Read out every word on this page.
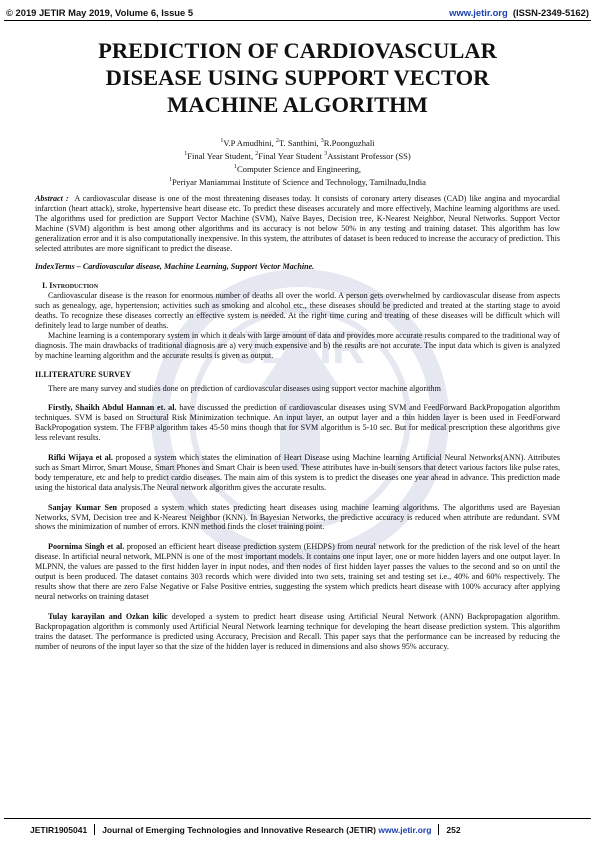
© 2019 JETIR May 2019, Volume 6, Issue 5	www.jetir.org (ISSN-2349-5162)
JETIR
PREDICTION OF CARDIOVASCULAR
DISEASE USING SUPPORT VECTOR
MACHINE ALGORITHM
$^1$V.P Amudhini, $^2$T. Santhini, $^3$R.Poonguzhali
$^1$Final Year Student, $^2$Final Year Student $^3$Assistant Professor (SS)
$^1$Computer Science and Engineering,
$^1$Periyar Maniammai Institute of Science and Technology, Tamilnadu,India

Abstract : A cardiovascular disease is one of the most threatening diseases today. It consists of coronary artery diseases (CAD) like angina and myocardial infarction (heart attack), stroke, hypertensive heart disease etc. To predict these diseases accurately and more effectively, Machine learning algorithms are used. The algorithms used for prediction are Support Vector Machine (SVM), Naïve Bayes, Decision tree, K-Nearest Neighbor, Neural Networks. Support Vector Machine (SVM) algorithm is best among other algorithms and its accuracy is not below 50% in any testing and training dataset. This algorithm has low generalization error and it is also computationally inexpensive. In this system, the attributes of dataset is been reduced to increase the accuracy of prediction. This selected attributes are more significant to predict the disease.

IndexTerms – Cardiovascular disease, Machine Learning, Support Vector Machine.

I. Introduction

Cardiovascular disease is the reason for enormous number of deaths all over the world. A person gets overwhelmed by cardiovascular disease from aspects such as genealogy, age, hypertension; activities such as smoking and alcohol etc., these diseases should be predicted and treated at the starting stage to avoid deaths. To recognize these diseases correctly an effective system is needed. At the right time curing and treating of these diseases will be difficult which will definitely lead to large number of deaths.

Machine learning is a contemporary system in which it deals with large amount of data and provides more accurate results compared to the traditional way of diagnosis. The main drawbacks of traditional diagnosis are a) very much expensive and b) the results are not accurate. The input data which is given is analyzed by machine learning algorithm and the accurate results is given as output.

II.LITERATURE SURVEY

There are many survey and studies done on prediction of cardiovascular diseases using support vector machine algorithm

Firstly, Shaikh Abdul Hannan et. al. have discussed the prediction of cardiovascular diseases using SVM and FeedForward BackPropogation algorithm techniques. SVM is based on Structural Risk Minimization technique. An input layer, an output layer and a thin hidden layer is been used in FeedForward BackPropogation system. The FFBP algorithm takes 45-50 mins though that for SVM algorithm is 5-10 sec. But for medical prescription these algorithms give less relevant results.

Rifki Wijaya et al. proposed a system which states the elimination of Heart Disease using Machine learning Artificial Neural Networks(ANN). Attributes such as Smart Mirror, Smart Mouse, Smart Phones and Smart Chair is been used. These attributes have in-built sensors that detect various factors like pulse rates, body temperature, etc and help to predict cardio diseases. The main aim of this system is to predict the diseases one year ahead in advance. This prediction made using the historical data analysis.The Neural network algorithm gives the accurate results.

Sanjay Kumar Sen proposed a system which states predicting heart diseases using machine learning algorithms. The algorithms used are Bayesian Networks, SVM, Decision tree and K-Nearest Neighbor (KNN). In Bayesian Networks, the predictive accuracy is reduced when attribute are redundant. SVM shows the minimization of number of errors. KNN method finds the closet training point.

Poornima Singh et al. proposed an efficient heart disease prediction system (EHDPS) from neural network for the prediction of the risk level of the heart disease. In artificial neural network, MLPNN is one of the most important models. It contains one input layer, one or more hidden layers and one output layer. In MLPNN, the values are passed to the first hidden layer in input nodes, and then nodes of first hidden layer passes the values to the second and so on until the output is been produced. The dataset contains 303 records which were divided into two sets, training set and testing set i.e., 40% and 60% respectively. The results show that there are zero False Negative or False Positive entries, suggesting the system which predicts heart disease with 100% accuracy after applying neural networks on training dataset

Tulay karayilan and Ozkan kilic developed a system to predict heart disease using Artificial Neural Network (ANN) Backpropagation algorithm. Backpropagation algorithm is commonly used Artificial Neural Network learning technique for developing the heart disease prediction system. This algorithm trains the dataset. The performance is predicted using Accuracy, Precision and Recall. This paper says that the performance can be increased by reducing the number of neurons of the input layer so that the size of the hidden layer is reduced in dimensions and also shows 95% accuracy.

JETIR1905041 Journal of Emerging Technologies and Innovative Research (JETIR)
www.jetir.org 252
